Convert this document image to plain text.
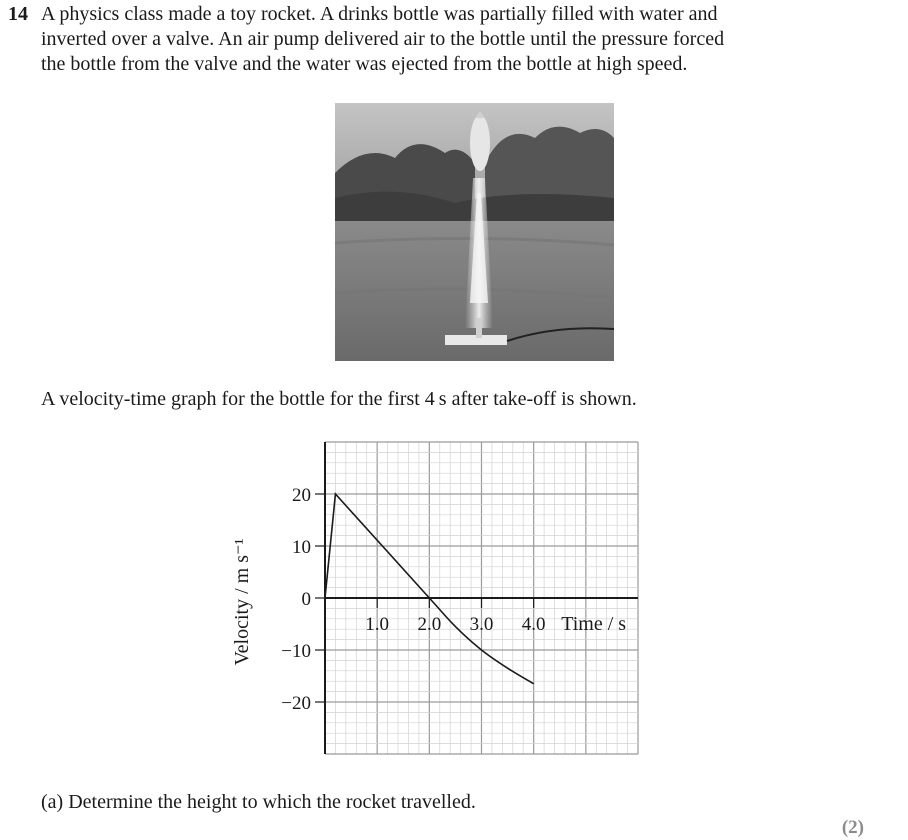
14 A physics class made a toy rocket. A drinks bottle was partially filled with water and
inverted over a valve. An air pump delivered air to the bottle until the pressure forced
the bottle from the valve and the water was ejected from the bottle at high speed.
A velocity-time graph for the bottle for the first 4 s after take-off is shown.
20
10
0
−10
−20
1.0 2.0 3.0 4.0 Time / s
Velocity / m s⁻¹
(a) Determine the height to which the rocket travelled.
(2)
